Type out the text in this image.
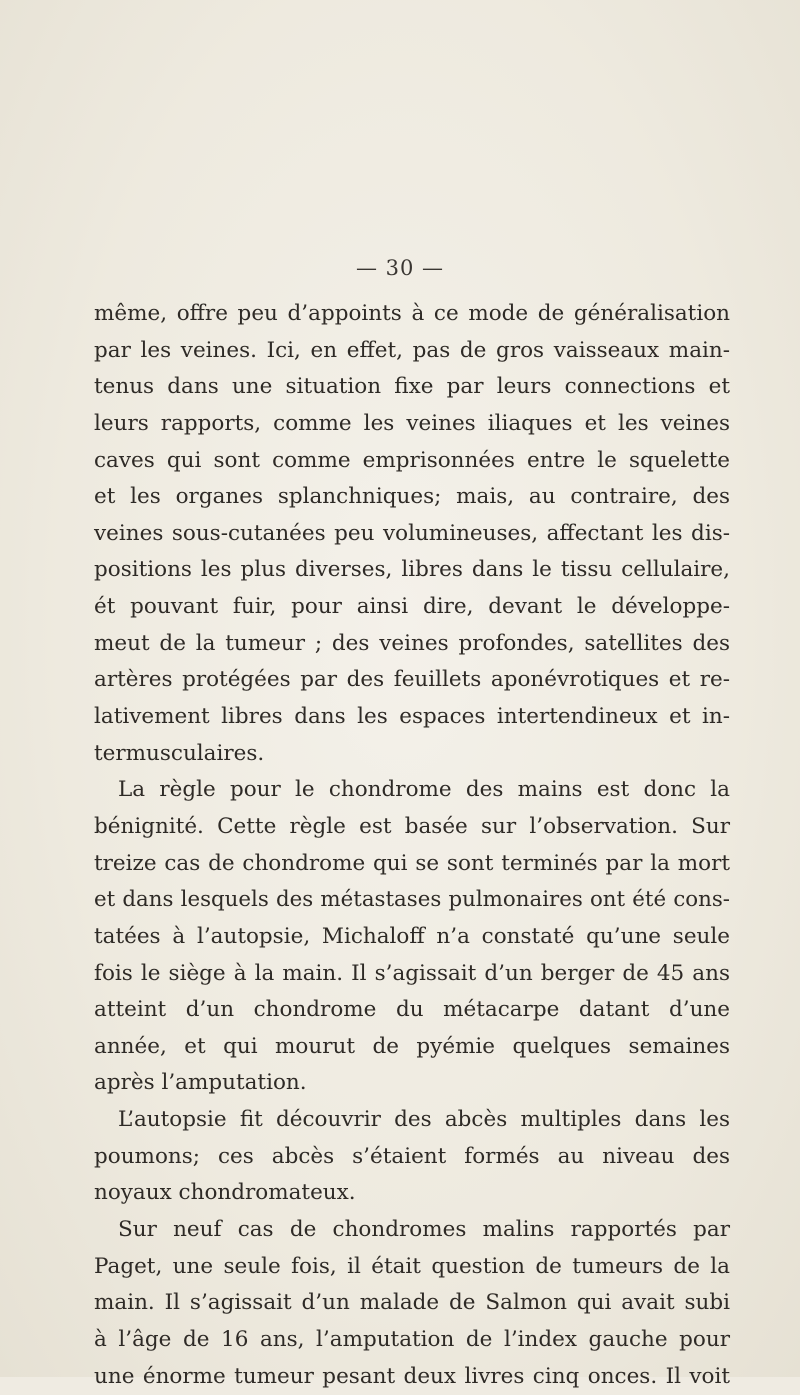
— 30 —
même, offre peu d’appoints à ce mode de généralisation
par les veines. Ici, en effet, pas de gros vaisseaux main-
tenus dans une situation fixe par leurs connections et
leurs rapports, comme les veines iliaques et les veines
caves qui sont comme emprisonnées entre le squelette
et les organes splanchniques; mais, au contraire, des
veines sous-cutanées peu volumineuses, affectant les dis-
positions les plus diverses, libres dans le tissu cellulaire,
ét pouvant fuir, pour ainsi dire, devant le développe-
meut de la tumeur ; des veines profondes, satellites des
artères protégées par des feuillets aponévrotiques et re-
lativement libres dans les espaces intertendineux et in-
termusculaires.
La règle pour le chondrome des mains est donc la
bénignité. Cette règle est basée sur l’observation. Sur
treize cas de chondrome qui se sont terminés par la mort
et dans lesquels des métastases pulmonaires ont été cons-
tatées à l’autopsie, Michaloff n’a constaté qu’une seule
fois le siège à la main. Il s’agissait d’un berger de 45 ans
atteint d’un chondrome du métacarpe datant d’une
année, et qui mourut de pyémie quelques semaines
après l’amputation.
L’autopsie fit découvrir des abcès multiples dans les
poumons; ces abcès s’étaient formés au niveau des
noyaux chondromateux.
Sur neuf cas de chondromes malins rapportés par
Paget, une seule fois, il était question de tumeurs de la
main. Il s’agissait d’un malade de Salmon qui avait subi
à l’âge de 16 ans, l’amputation de l’index gauche pour
une énorme tumeur pesant deux livres cinq onces. Il voit
